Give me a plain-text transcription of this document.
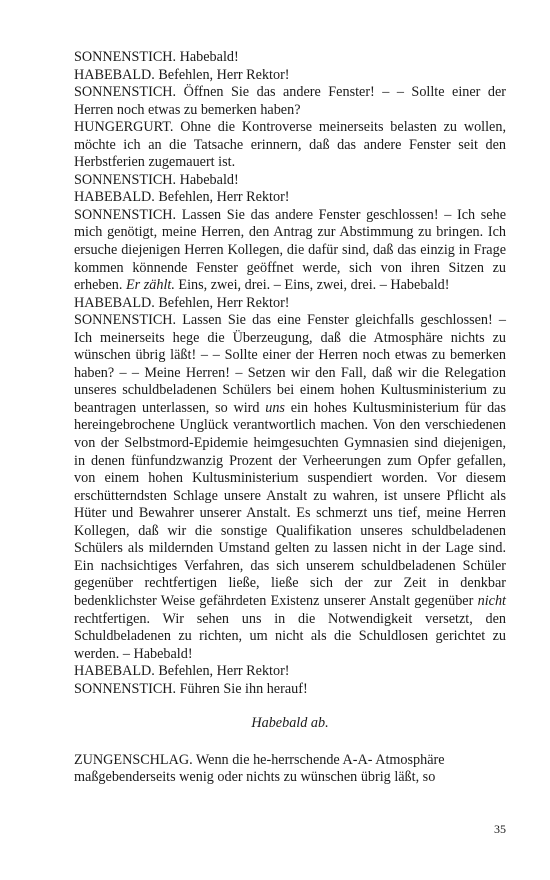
SONNENSTICH. Habebald!

HABEBALD. Befehlen, Herr Rektor!

SONNENSTICH. Öffnen Sie das andere Fenster! – – Sollte einer der Herren noch etwas zu bemerken haben?

HUNGERGURT. Ohne die Kontroverse meinerseits belasten zu wollen, möchte ich an die Tatsache erinnern, daß das andere Fenster seit den Herbstferien zugemauert ist.

SONNENSTICH. Habebald!

HABEBALD. Befehlen, Herr Rektor!

SONNENSTICH. Lassen Sie das andere Fenster geschlossen! – Ich sehe mich genötigt, meine Herren, den Antrag zur Abstimmung zu bringen. Ich ersuche diejenigen Herren Kollegen, die dafür sind, daß das einzig in Frage kommen könnende Fenster geöffnet werde, sich von ihren Sitzen zu erheben. Er zählt. Eins, zwei, drei. – Eins, zwei, drei. – Habebald!

HABEBALD. Befehlen, Herr Rektor!

SONNENSTICH. Lassen Sie das eine Fenster gleichfalls geschlossen! – Ich meinerseits hege die Überzeugung, daß die Atmosphäre nichts zu wünschen übrig läßt! – – Sollte einer der Herren noch etwas zu bemerken haben? – – Meine Herren! – Setzen wir den Fall, daß wir die Relegation unseres schuldbeladenen Schülers bei einem hohen Kultusministerium zu beantragen unterlassen, so wird uns ein hohes Kultusministerium für das hereingebrochene Unglück verantwortlich machen. Von den verschiedenen von der Selbstmord-Epidemie heimgesuchten Gymnasien sind diejenigen, in denen fünfundzwanzig Prozent der Verheerungen zum Opfer gefallen, von einem hohen Kultusministerium suspendiert worden. Vor diesem erschütterndsten Schlage unsere Anstalt zu wahren, ist unsere Pflicht als Hüter und Bewahrer unserer Anstalt. Es schmerzt uns tief, meine Herren Kollegen, daß wir die sonstige Qualifikation unseres schuldbeladenen Schülers als mildernden Umstand gelten zu lassen nicht in der Lage sind. Ein nachsichtiges Verfahren, das sich unserem schuldbeladenen Schüler gegenüber rechtfertigen ließe, ließe sich der zur Zeit in denkbar bedenklichster Weise gefährdeten Existenz unserer Anstalt gegenüber nicht rechtfertigen. Wir sehen uns in die Notwendigkeit versetzt, den Schuldbeladenen zu richten, um nicht als die Schuldlosen gerichtet zu werden. – Habebald!

HABEBALD. Befehlen, Herr Rektor!

SONNENSTICH. Führen Sie ihn herauf!

Habebald ab.

ZUNGENSCHLAG. Wenn die he-herrschende A-A- Atmosphäre maßgebenderseits wenig oder nichts zu wünschen übrig läßt, so

35
